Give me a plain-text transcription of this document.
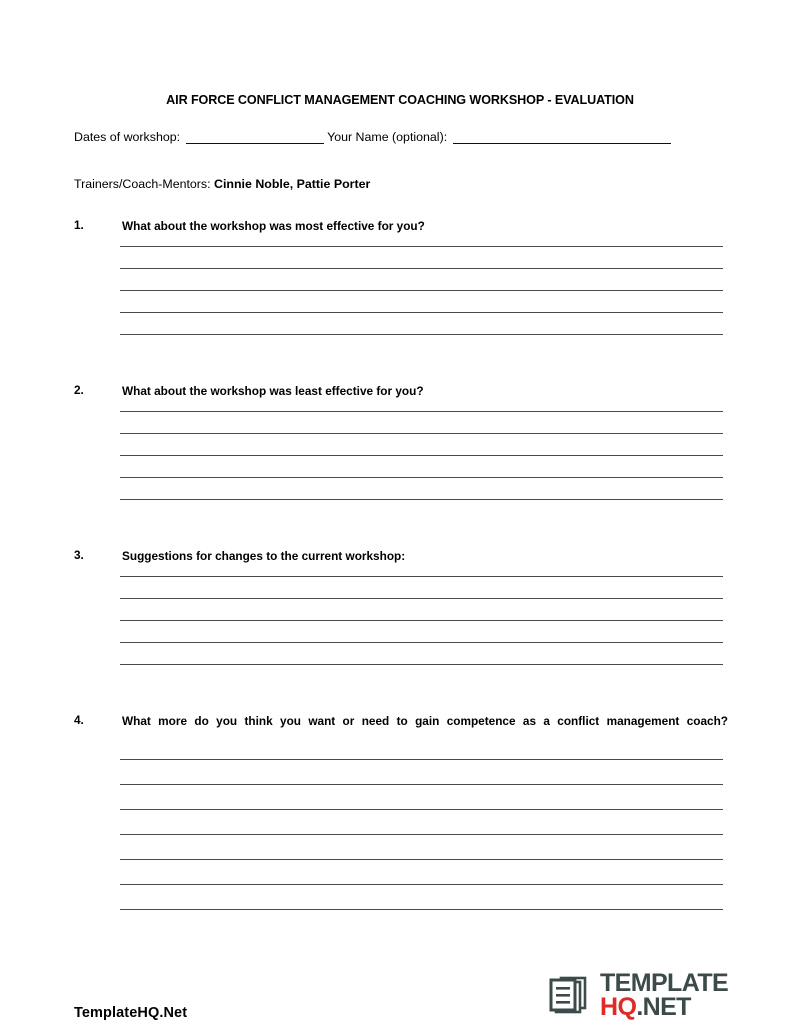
AIR FORCE CONFLICT MANAGEMENT COACHING WORKSHOP - EVALUATION
Dates of workshop:	Your Name (optional):
Trainers/Coach-Mentors: Cinnie Noble, Pattie Porter
1.	What about the workshop was most effective for you?
2.	What about the workshop was least effective for you?
3.	Suggestions for changes to the current workshop:
4.	What more do you think you want or need to gain competence as a conflict management coach?
TemplateHQ.Net
TEMPLATE
HQ.NET
